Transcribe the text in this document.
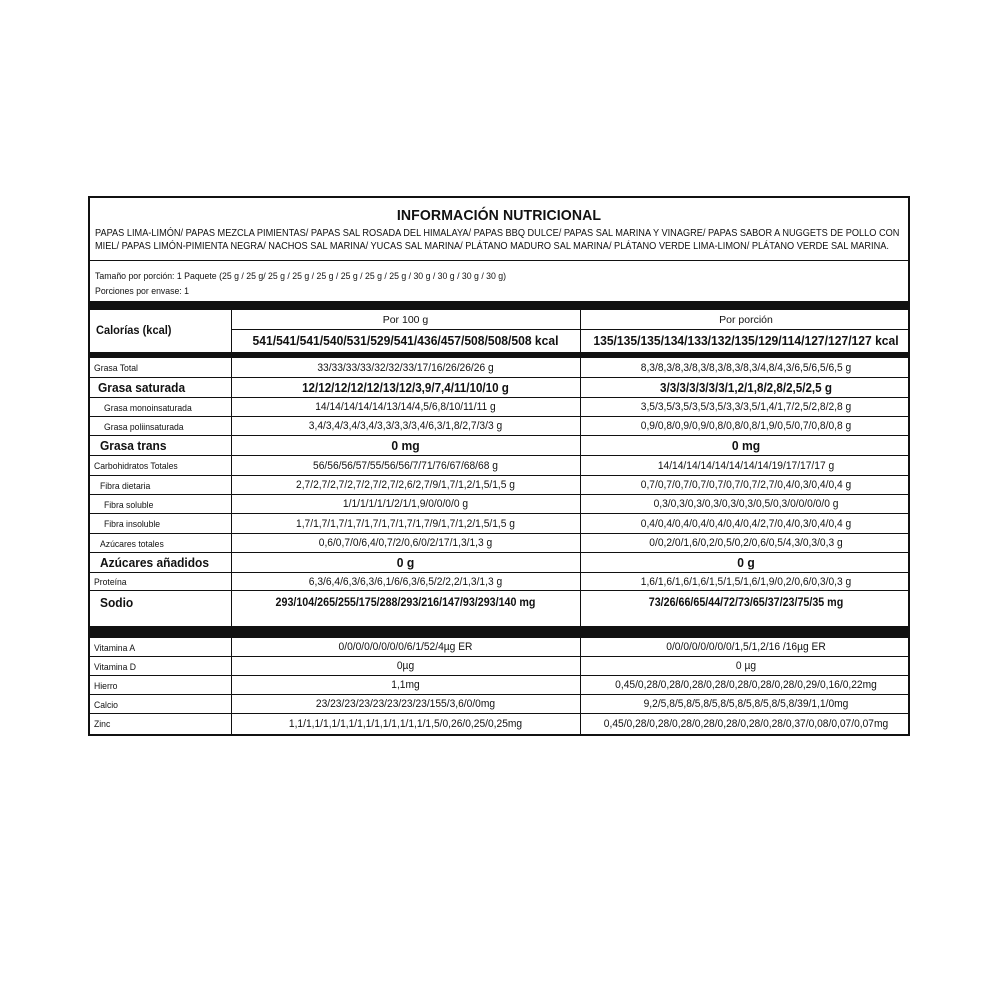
INFORMACIÓN NUTRICIONAL
PAPAS LIMA-LIMÓN/ PAPAS MEZCLA PIMIENTAS/ PAPAS SAL ROSADA DEL HIMALAYA/ PAPAS BBQ DULCE/ PAPAS SAL MARINA Y VINAGRE/ PAPAS SABOR A NUGGETS DE POLLO CON MIEL/ PAPAS LIMÓN-PIMIENTA NEGRA/ NACHOS SAL MARINA/ YUCAS SAL MARINA/ PLÁTANO MADURO SAL MARINA/ PLÁTANO VERDE LIMA-LIMON/ PLÁTANO VERDE SAL MARINA.
Tamaño por porción: 1 Paquete (25 g / 25 g/ 25 g / 25 g / 25 g / 25 g / 25 g / 25 g / 30 g / 30 g / 30 g / 30 g)
Porciones por envase: 1
Calorías (kcal)
Por 100 g	Por porción
541/541/541/540/531/529/541/436/457/508/508/508 kcal	135/135/135/134/133/132/135/129/114/127/127/127 kcal
Grasa Total	33/33/33/33/32/32/33/17/16/26/26/26 g	8,3/8,3/8,3/8,3/8,3/8,3/8,3/4,8/4,3/6,5/6,5/6,5 g
Grasa saturada	12/12/12/12/12/13/12/3,9/7,4/11/10/10 g	3/3/3/3/3/3/3/1,2/1,8/2,8/2,5/2,5 g
Grasa monoinsaturada	14/14/14/14/14/13/14/4,5/6,8/10/11/11 g	3,5/3,5/3,5/3,5/3,5/3,3/3,5/1,4/1,7/2,5/2,8/2,8 g
Grasa poliinsaturada	3,4/3,4/3,4/3,4/3,3/3,3/3,4/6,3/1,8/2,7/3/3 g	0,9/0,8/0,9/0,9/0,8/0,8/0,8/1,9/0,5/0,7/0,8/0,8 g
Grasa trans	0 mg	0 mg
Carbohidratos Totales	56/56/56/57/55/56/56/7/71/76/67/68/68 g	14/14/14/14/14/14/14/14/19/17/17/17 g
Fibra dietaria	2,7/2,7/2,7/2,7/2,7/2,7/2,6/2,7/9/1,7/1,2/1,5/1,5 g	0,7/0,7/0,7/0,7/0,7/0,7/0,7/2,7/0,4/0,3/0,4/0,4 g
Fibra soluble	1/1/1/1/1/1/2/1/1,9/0/0/0/0 g	0,3/0,3/0,3/0,3/0,3/0,3/0,5/0,3/0/0/0/0/0 g
Fibra insoluble	1,7/1,7/1,7/1,7/1,7/1,7/1,7/1,7/9/1,7/1,2/1,5/1,5 g	0,4/0,4/0,4/0,4/0,4/0,4/0,4/2,7/0,4/0,3/0,4/0,4 g
Azúcares totales	0,6/0,7/0/6,4/0,7/2/0,6/0/2/17/1,3/1,3 g	0/0,2/0/1,6/0,2/0,5/0,2/0,6/0,5/4,3/0,3/0,3 g
Azúcares añadidos	0 g	0 g
Proteína	6,3/6,4/6,3/6,3/6,1/6/6,3/6,5/2/2,2/1,3/1,3 g	1,6/1,6/1,6/1,6/1,5/1,5/1,6/1,9/0,2/0,6/0,3/0,3 g
Sodio	293/104/265/255/175/288/293/216/147/93/293/140 mg	73/26/66/65/44/72/73/65/37/23/75/35 mg
Vitamina A	0/0/0/0/0/0/0/0/6/1/52/4µg ER	0/0/0/0/0/0/0/0/1,5/1,2/16 /16µg ER
Vitamina D	0µg	0 µg
Hierro	1,1mg	0,45/0,28/0,28/0,28/0,28/0,28/0,28/0,28/0,29/0,16/0,22mg
Calcio	23/23/23/23/23/23/23/23/155/3,6/0/0mg	9,2/5,8/5,8/5,8/5,8/5,8/5,8/5,8/5,8/39/1,1/0mg
Zinc	1,1/1,1/1,1/1,1/1,1/1,1/1,1/1,1/1,5/0,26/0,25/0,25mg	0,45/0,28/0,28/0,28/0,28/0,28/0,28/0,28/0,37/0,08/0,07/0,07mg
